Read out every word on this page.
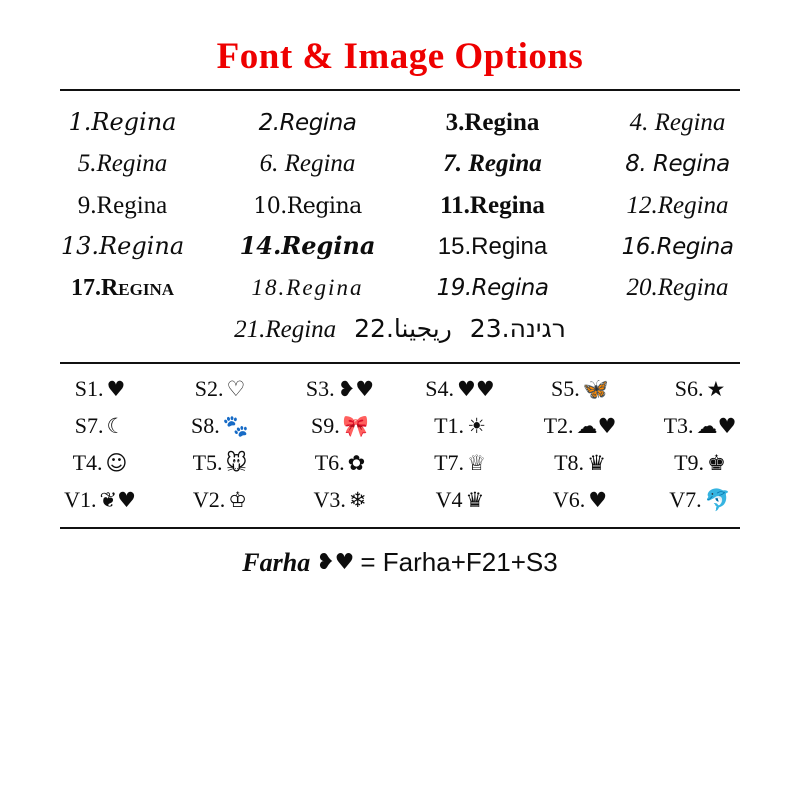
Font & Image Options
1.Regina	2.Regina	3.Regina	4. Regina
5.Regina	6. Regina	7. Regina	8. Regina
9.Regina	10.Regina	11.Regina	12.Regina
13.Regina	14.Regina	15.Regina	16.Regina
17.Regina	18.Regina	19.Regina	20.Regina
21.Regina 22.ريجينا 23.רגינה
S1. ♥	S2. ♡	S3. ❥♥ S4. ♥♥	S5. 🦋	S6. ★
S7. ☾	S8. 🐾	S9. 🎀	T1. ☀	T2. ☁♥ T3. ☁♥
T4. ☺	T5. 🐭	T6. ✿	T7. ♕	T8. ♛	T9. ♚
V1. ❦♥	V2. ♔	V3. ❄	V4 ♛	V6. ♥	V7. 🐬
Farha ❥♥ = Farha+F21+S3
